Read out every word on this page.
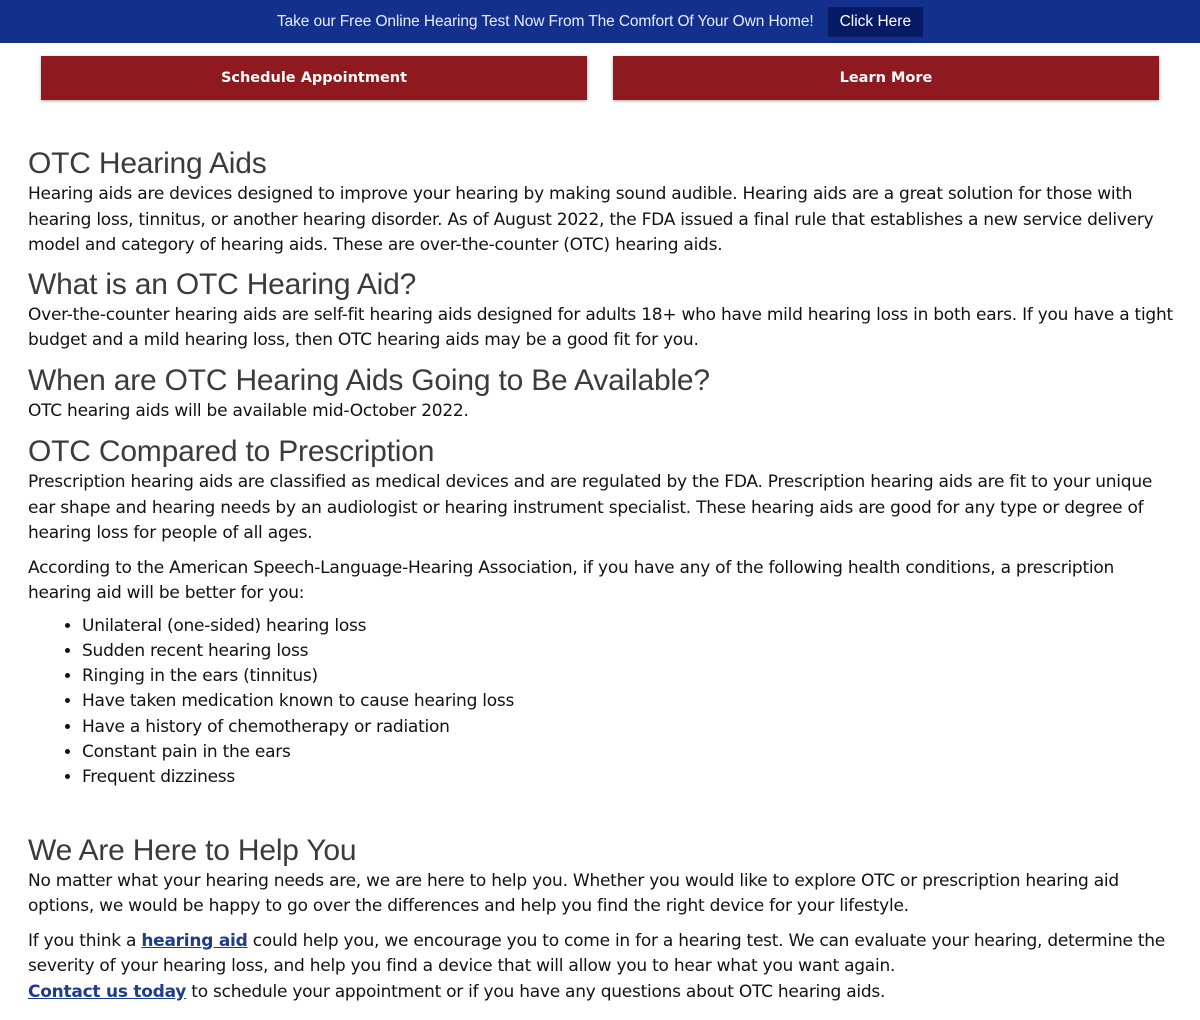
Take our Free Online Hearing Test Now From The Comfort Of Your Own Home!	Click Here
Schedule Appointment	Learn More
OTC Hearing Aids

Hearing aids are devices designed to improve your hearing by making sound audible. Hearing aids are a great solution for those with hearing loss, tinnitus, or another hearing disorder. As of August 2022, the FDA issued a final rule that establishes a new service delivery model and category of hearing aids. These are over-the-counter (OTC) hearing aids.

What is an OTC Hearing Aid?

Over-the-counter hearing aids are self-fit hearing aids designed for adults 18+ who have mild hearing loss in both ears. If you have a tight budget and a mild hearing loss, then OTC hearing aids may be a good fit for you.

When are OTC Hearing Aids Going to Be Available?

OTC hearing aids will be available mid-October 2022.

OTC Compared to Prescription

Prescription hearing aids are classified as medical devices and are regulated by the FDA. Prescription hearing aids are fit to your unique ear shape and hearing needs by an audiologist or hearing instrument specialist. These hearing aids are good for any type or degree of hearing loss for people of all ages.

According to the American Speech-Language-Hearing Association, if you have any of the following health conditions, a prescription hearing aid will be better for you:

• Unilateral (one-sided) hearing loss
• Sudden recent hearing loss
• Ringing in the ears (tinnitus)
• Have taken medication known to cause hearing loss
• Have a history of chemotherapy or radiation
• Constant pain in the ears
• Frequent dizziness
We Are Here to Help You

No matter what your hearing needs are, we are here to help you. Whether you would like to explore OTC or prescription hearing aid options, we would be happy to go over the differences and help you find the right device for your lifestyle.

If you think a hearing aid could help you, we encourage you to come in for a hearing test. We can evaluate your hearing, determine the severity of your hearing loss, and help you find a device that will allow you to hear what you want again.
Contact us today to schedule your appointment or if you have any questions about OTC hearing aids.
